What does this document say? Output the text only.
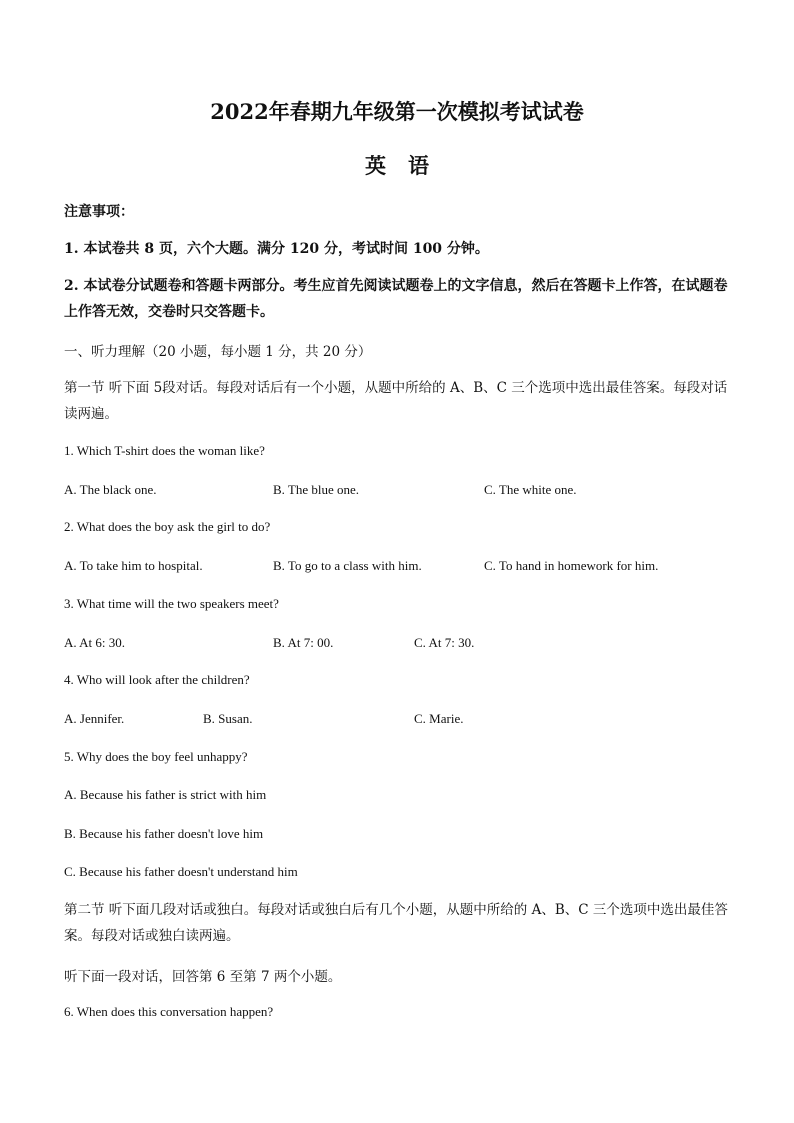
2022年春期九年级第一次模拟考试试卷
英语
注意事项：
1. 本试卷共 8 页，六个大题。满分 120 分，考试时间 100 分钟。
2. 本试卷分试题卷和答题卡两部分。考生应首先阅读试题卷上的文字信息，然后在答题卡上作答，在试题卷上作答无效，交卷时只交答题卡。
一、听力理解（20 小题，每小题 1 分，共 20 分）
第一节 听下面 5段对话。每段对话后有一个小题，从题中所给的 A、B、C 三个选项中选出最佳答案。每段对话读两遍。
1. Which T-shirt does the woman like?
A. The black one.	B. The blue one.	C. The white one.
2. What does the boy ask the girl to do?
A. To take him to hospital.	B. To go to a class with him.	C. To hand in homework for him.
3. What time will the two speakers meet?
A. At 6: 30.	B. At 7: 00.	C. At 7: 30.
4. Who will look after the children?
A. Jennifer.	B. Susan.	C. Marie.
5. Why does the boy feel unhappy?
A. Because his father is strict with him
B. Because his father doesn't love him
C. Because his father doesn't understand him
第二节 听下面几段对话或独白。每段对话或独白后有几个小题，从题中所给的 A、B、C 三个选项中选出最佳答案。每段对话或独白读两遍。
听下面一段对话，回答第 6 至第 7 两个小题。
6. When does this conversation happen?
